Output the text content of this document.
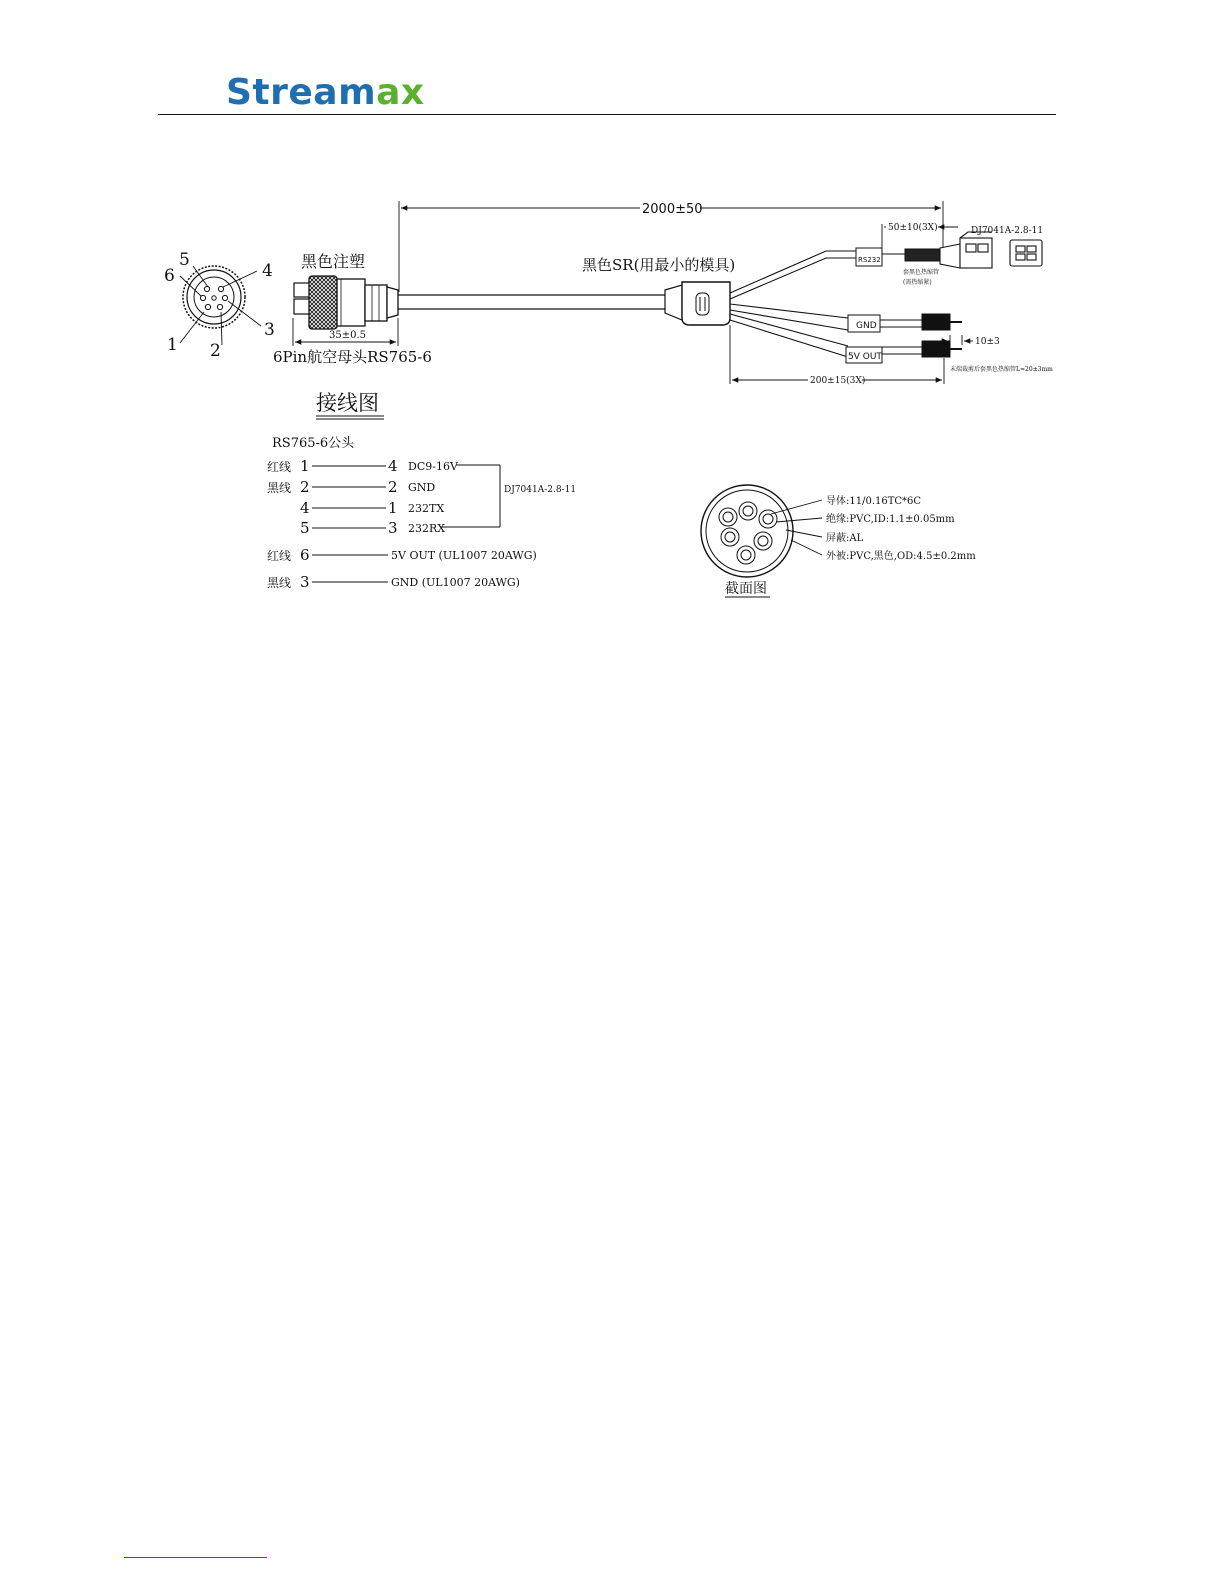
Streamax
5
6	4
3
1 2
35±0.5
黑色注塑
6Pin航空母头RS765-6
2000±50
黑色SR(用最小的模具)	RS232
GND
5V OUT
DJ7041A-2.8-11
50±10(3X)
套黑色热缩管
(需热缩紧)
10±3
末端裁剪后套黑色热缩管L=20±3mm
200±15(3X)
接线图
RS765-6公头
红线 1	4 DC9-16V
黑线 2	2 GND
4	1 232TX
5	3 232RX
DJ7041A-2.8-11
红线 6	5V OUT (UL1007 20AWG)
黑线 3	GND (UL1007 20AWG)
导体:11/0.16TC*6C
绝缘:PVC,ID:1.1±0.05mm
屏蔽:AL
外被:PVC,黑色,OD:4.5±0.2mm
截面图
